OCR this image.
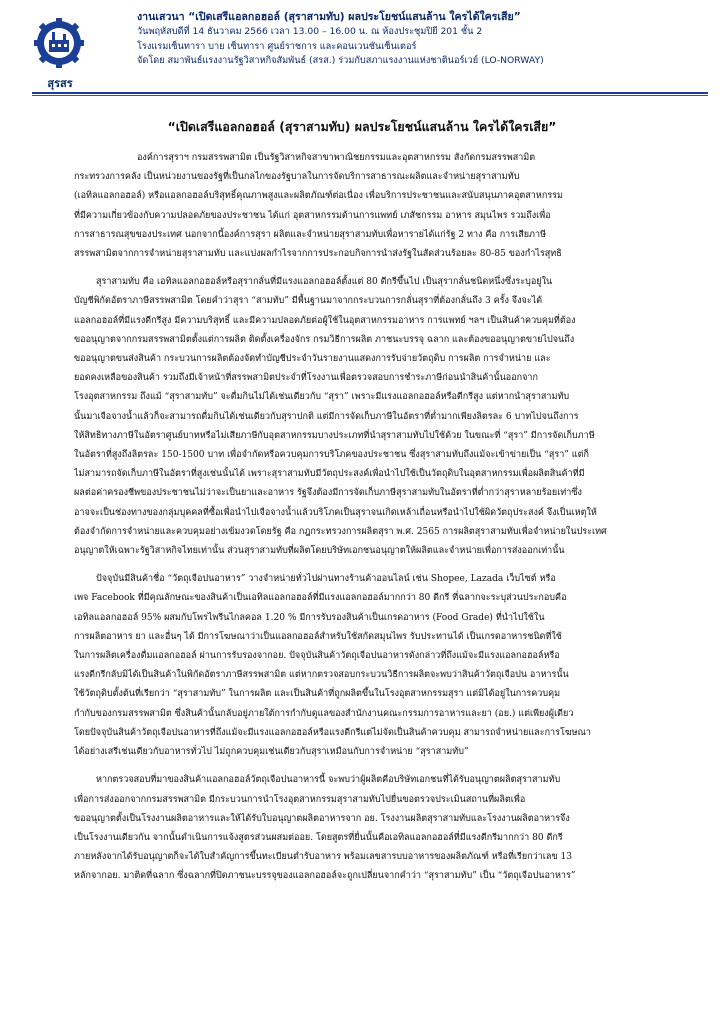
สุรสร
งานเสวนา “เปิดเสรีแอลกอฮอล์ (สุราสามทับ) ผลประโยชน์แสนล้าน ใครได้ใครเสีย”
วันพฤหัสบดีที่ 14 ธันวาคม 2566 เวลา 13.00 – 16.00 น. ณ ห้องประชุมปิยี 201 ชั้น 2
โรงแรมเซ็นทารา บาย เซ็นทารา ศูนย์ราชการ และคอนเวนชันเซ็นเตอร์
จัดโดย สมาพันธ์แรงงานรัฐวิสาหกิจสัมพันธ์ (สรส.) ร่วมกับสภาแรงงานแห่งชาตินอร์เวย์ (LO-NORWAY)
“เปิดเสรีแอลกอฮอล์ (สุราสามทับ) ผลประโยชน์แสนล้าน ใครได้ใครเสีย”
องค์การสุราฯ กรมสรรพสามิต เป็นรัฐวิสาหกิจสาขาพาณิชยกรรมและอุตสาหกรรม สังกัดกรมสรรพสามิต
กระทรวงการคลัง เป็นหน่วยงานของรัฐที่เป็นกลไกของรัฐบาลในการจัดบริการสาธารณะผลิตและจำหน่ายสุราสามทับ
(เอทิลแอลกอฮอล์) หรือแอลกอฮอล์บริสุทธิ์คุณภาพสูงและผลิตภัณฑ์ต่อเนื่อง เพื่อบริการประชาชนและสนับสนุนภาคอุตสาหกรรม
ที่มีความเกี่ยวข้องกับความปลอดภัยของประชาชน ได้แก่ อุตสาหกรรมด้านการแพทย์ เภสัชกรรม อาหาร สมุนไพร รวมถึงเพื่อ
การสาธารณสุขของประเทศ นอกจากนี้องค์การสุรา ผลิตและจำหน่ายสุราสามทับเพื่อหารายได้แก่รัฐ 2 ทาง คือ การเสียภาษี
สรรพสามิตจากการจำหน่ายสุราสามทับ และแบ่งผลกำไรจากการประกอบกิจการนำส่งรัฐในสัดส่วนร้อยละ 80-85 ของกำไรสุทธิ
สุราสามทับ คือ เอทิลแอลกอฮอล์หรือสุรากลั่นที่มีแรงแอลกอฮอล์ตั้งแต่ 80 ดีกรีขึ้นไป เป็นสุรากลั่นชนิดหนึ่งซึ่งระบุอยู่ใน
บัญชีพิกัดอัตราภาษีสรรพสามิต โดยคำว่าสุรา “สามทับ” มีพื้นฐานมาจากกระบวนการกลั่นสุราที่ต้องกลั่นถึง 3 ครั้ง จึงจะได้
แอลกอฮอล์ที่มีแรงดีกรีสูง มีความบริสุทธิ์ และมีความปลอดภัยต่อผู้ใช้ในอุตสาหกรรมอาหาร การแพทย์ ฯลฯ เป็นสินค้าควบคุมที่ต้อง
ขออนุญาตจากกรมสรรพสามิตตั้งแต่การผลิต ติดตั้งเครื่องจักร กรมวิธีการผลิต ภาชนะบรรจุ ฉลาก และต้องขออนุญาตขายไปจนถึง
ขออนุญาตขนส่งสินค้า กระบวนการผลิตต้องจัดทำบัญชีประจำวันรายงานแสดงการรับจ่ายวัตถุดิบ การผลิต การจำหน่าย และ
ยอดคงเหลือของสินค้า รวมถึงมีเจ้าหน้าที่สรรพสามิตประจำที่โรงงานเพื่อตรวจสอบการชำระภาษีก่อนนำสินค้านั้นออกจาก
โรงอุตสาหกรรม ถึงแม้ “สุราสามทับ” จะดื่มกินไม่ได้เช่นเดียวกับ “สุรา” เพราะมีแรงแอลกอฮอล์หรือดีกรีสูง แต่หากนำสุราสามทับ
นั้นมาเจือจางน้ำแล้วก็จะสามารถดื่มกินได้เช่นเดียวกับสุราปกติ แต่มีการจัดเก็บภาษีในอัตราที่ต่ำมากเพียงลิตรละ 6 บาทไปจนถึงการ
ให้สิทธิทางภาษีในอัตราศูนย์บาทหรือไม่เสียภาษีกับอุตสาหกรรมบางประเภทที่นำสุราสามทับไปใช้ด้วย ในขณะที่ “สุรา” มีการจัดเก็บภาษี
ในอัตราที่สูงถึงลิตรละ 150-1500 บาท เพื่อจำกัดหรือควบคุมการบริโภคของประชาชน ซึ่งสุราสามทับถึงแม้จะเข้าข่ายเป็น “สุรา” แต่ก็
ไม่สามารถจัดเก็บภาษีในอัตราที่สูงเช่นนั้นได้ เพราะสุราสามทับมีวัตถุประสงค์เพื่อนำไปใช้เป็นวัตถุดิบในอุตสาหกรรมเพื่อผลิตสินค้าที่มี
ผลต่อค่าครองชีพของประชาชนไม่ว่าจะเป็นยาและอาหาร รัฐจึงต้องมีการจัดเก็บภาษีสุราสามทับในอัตราที่ต่ำกว่าสุราหลายร้อยเท่าซึ่ง
อาจจะเป็นช่องทางของกลุ่มบุคคลที่ซื้อเพื่อนำไปเจือจางน้ำแล้วบริโภคเป็นสุราจนเกิดเหล้าเถื่อนหรือนำไปใช้ผิดวัตถุประสงค์ จึงเป็นเหตุให้
ต้องจำกัดการจำหน่ายและควบคุมอย่างเข้มงวดโดยรัฐ คือ กฎกระทรวงการผลิตสุรา พ.ศ. 2565 การผลิตสุราสามทับเพื่อจำหน่ายในประเทศ
อนุญาตให้เฉพาะรัฐวิสาหกิจไทยเท่านั้น ส่วนสุราสามทับที่ผลิตโดยบริษัทเอกชนอนุญาตให้ผลิตและจำหน่ายเพื่อการส่งออกเท่านั้น
ปัจจุบันมีสินค้าชื่อ “วัตถุเจือปนอาหาร” วางจำหน่ายทั่วไปผ่านทางร้านค้าออนไลน์ เช่น Shopee, Lazada เว็บไซต์ หรือ
เพจ Facebook ที่มีคุณลักษณะของสินค้าเป็นเอทิลแอลกอฮอล์ที่มีแรงแอลกอฮอล์มากกว่า 80 ดีกรี ที่ฉลากจะระบุส่วนประกอบคือ
เอทิลแอลกอฮอล์ 95% ผสมกับโพรไพรีนไกลคอล 1.20 % มีการรับรองสินค้าเป็นเกรดอาหาร (Food Grade) ที่นำไปใช้ใน
การผลิตอาหาร ยา และอื่นๆ ได้ มีการโฆษณาว่าเป็นแอลกอฮอล์สำหรับใช้สกัดสมุนไพร รับประทานได้ เป็นเกรดอาหารชนิดที่ใช้
ในการผลิตเครื่องดื่มแอลกอฮอล์ ผ่านการรับรองจากอย. ปัจจุบันสินค้าวัตถุเจือปนอาหารดังกล่าวที่ถึงแม้จะมีแรงแอลกอฮอล์หรือ
แรงดีกรีกลับมิได้เป็นสินค้าในพิกัดอัตราภาษีสรรพสามิต แต่หากตรวจสอบกระบวนวิธีการผลิตจะพบว่าสินค้าวัตถุเจือปน อาหารนั้น
ใช้วัตถุดิบตั้งต้นที่เรียกว่า “สุราสามทับ” ในการผลิต และเป็นสินค้าที่ถูกผลิตขึ้นในโรงอุตสาหกรรมสุรา แต่มิได้อยู่ในการควบคุม
กำกับของกรมสรรพสามิต ซึ่งสินค้านั้นกลับอยู่ภายใต้การกำกับดูแลของสำนักงานคณะกรรมการอาหารและยา (อย.) แต่เพียงผู้เดียว
โดยปัจจุบันสินค้าวัตถุเจือปนอาหารที่ถึงแม้จะมีแรงแอลกอฮอล์หรือแรงดีกรีแต่ไม่จัดเป็นสินค้าควบคุม สามารถจำหน่ายและการโฆษณา
ได้อย่างเสรีเช่นเดียวกับอาหารทั่วไป ไม่ถูกควบคุมเช่นเดียวกับสุราเหมือนกับการจำหน่าย “สุราสามทับ”
หากตรวจสอบที่มาของสินค้าแอลกอฮอล์วัตถุเจือปนอาหารนี้ จะพบว่าผู้ผลิตคือบริษัทเอกชนที่ได้รับอนุญาตผลิตสุราสามทับ
เพื่อการส่งออกจากกรมสรรพสามิต มีกระบวนการนำโรงอุตสาหกรรมสุราสามทับไปยื่นขอตรวจประเมินสถานที่ผลิตเพื่อ
ขออนุญาตตั้งเป็นโรงงานผลิตอาหารและให้ได้รับใบอนุญาตผลิตอาหารจาก อย. โรงงานผลิตสุราสามทับและโรงงานผลิตอาหารจึง
เป็นโรงงานเดียวกัน จากนั้นดำเนินการแจ้งสูตรส่วนผสมต่ออย. โดยสูตรที่ยื่นนั้นคือเอทิลแอลกอฮอล์ที่มีแรงดีกรีมากกว่า 80 ดีกรี
ภายหลังจากได้รับอนุญาตก็จะได้ใบสำคัญการขึ้นทะเบียนตำรับอาหาร พร้อมเลขสารบบอาหารของผลิตภัณฑ์ หรือที่เรียกว่าเลข 13
หลักจากอย. มาติดที่ฉลาก ซึ่งฉลากที่ปิดภาชนะบรรจุของแอลกอฮอล์จะถูกเปลี่ยนจากคำว่า “สุราสามทับ” เป็น “วัตถุเจือปนอาหาร”
